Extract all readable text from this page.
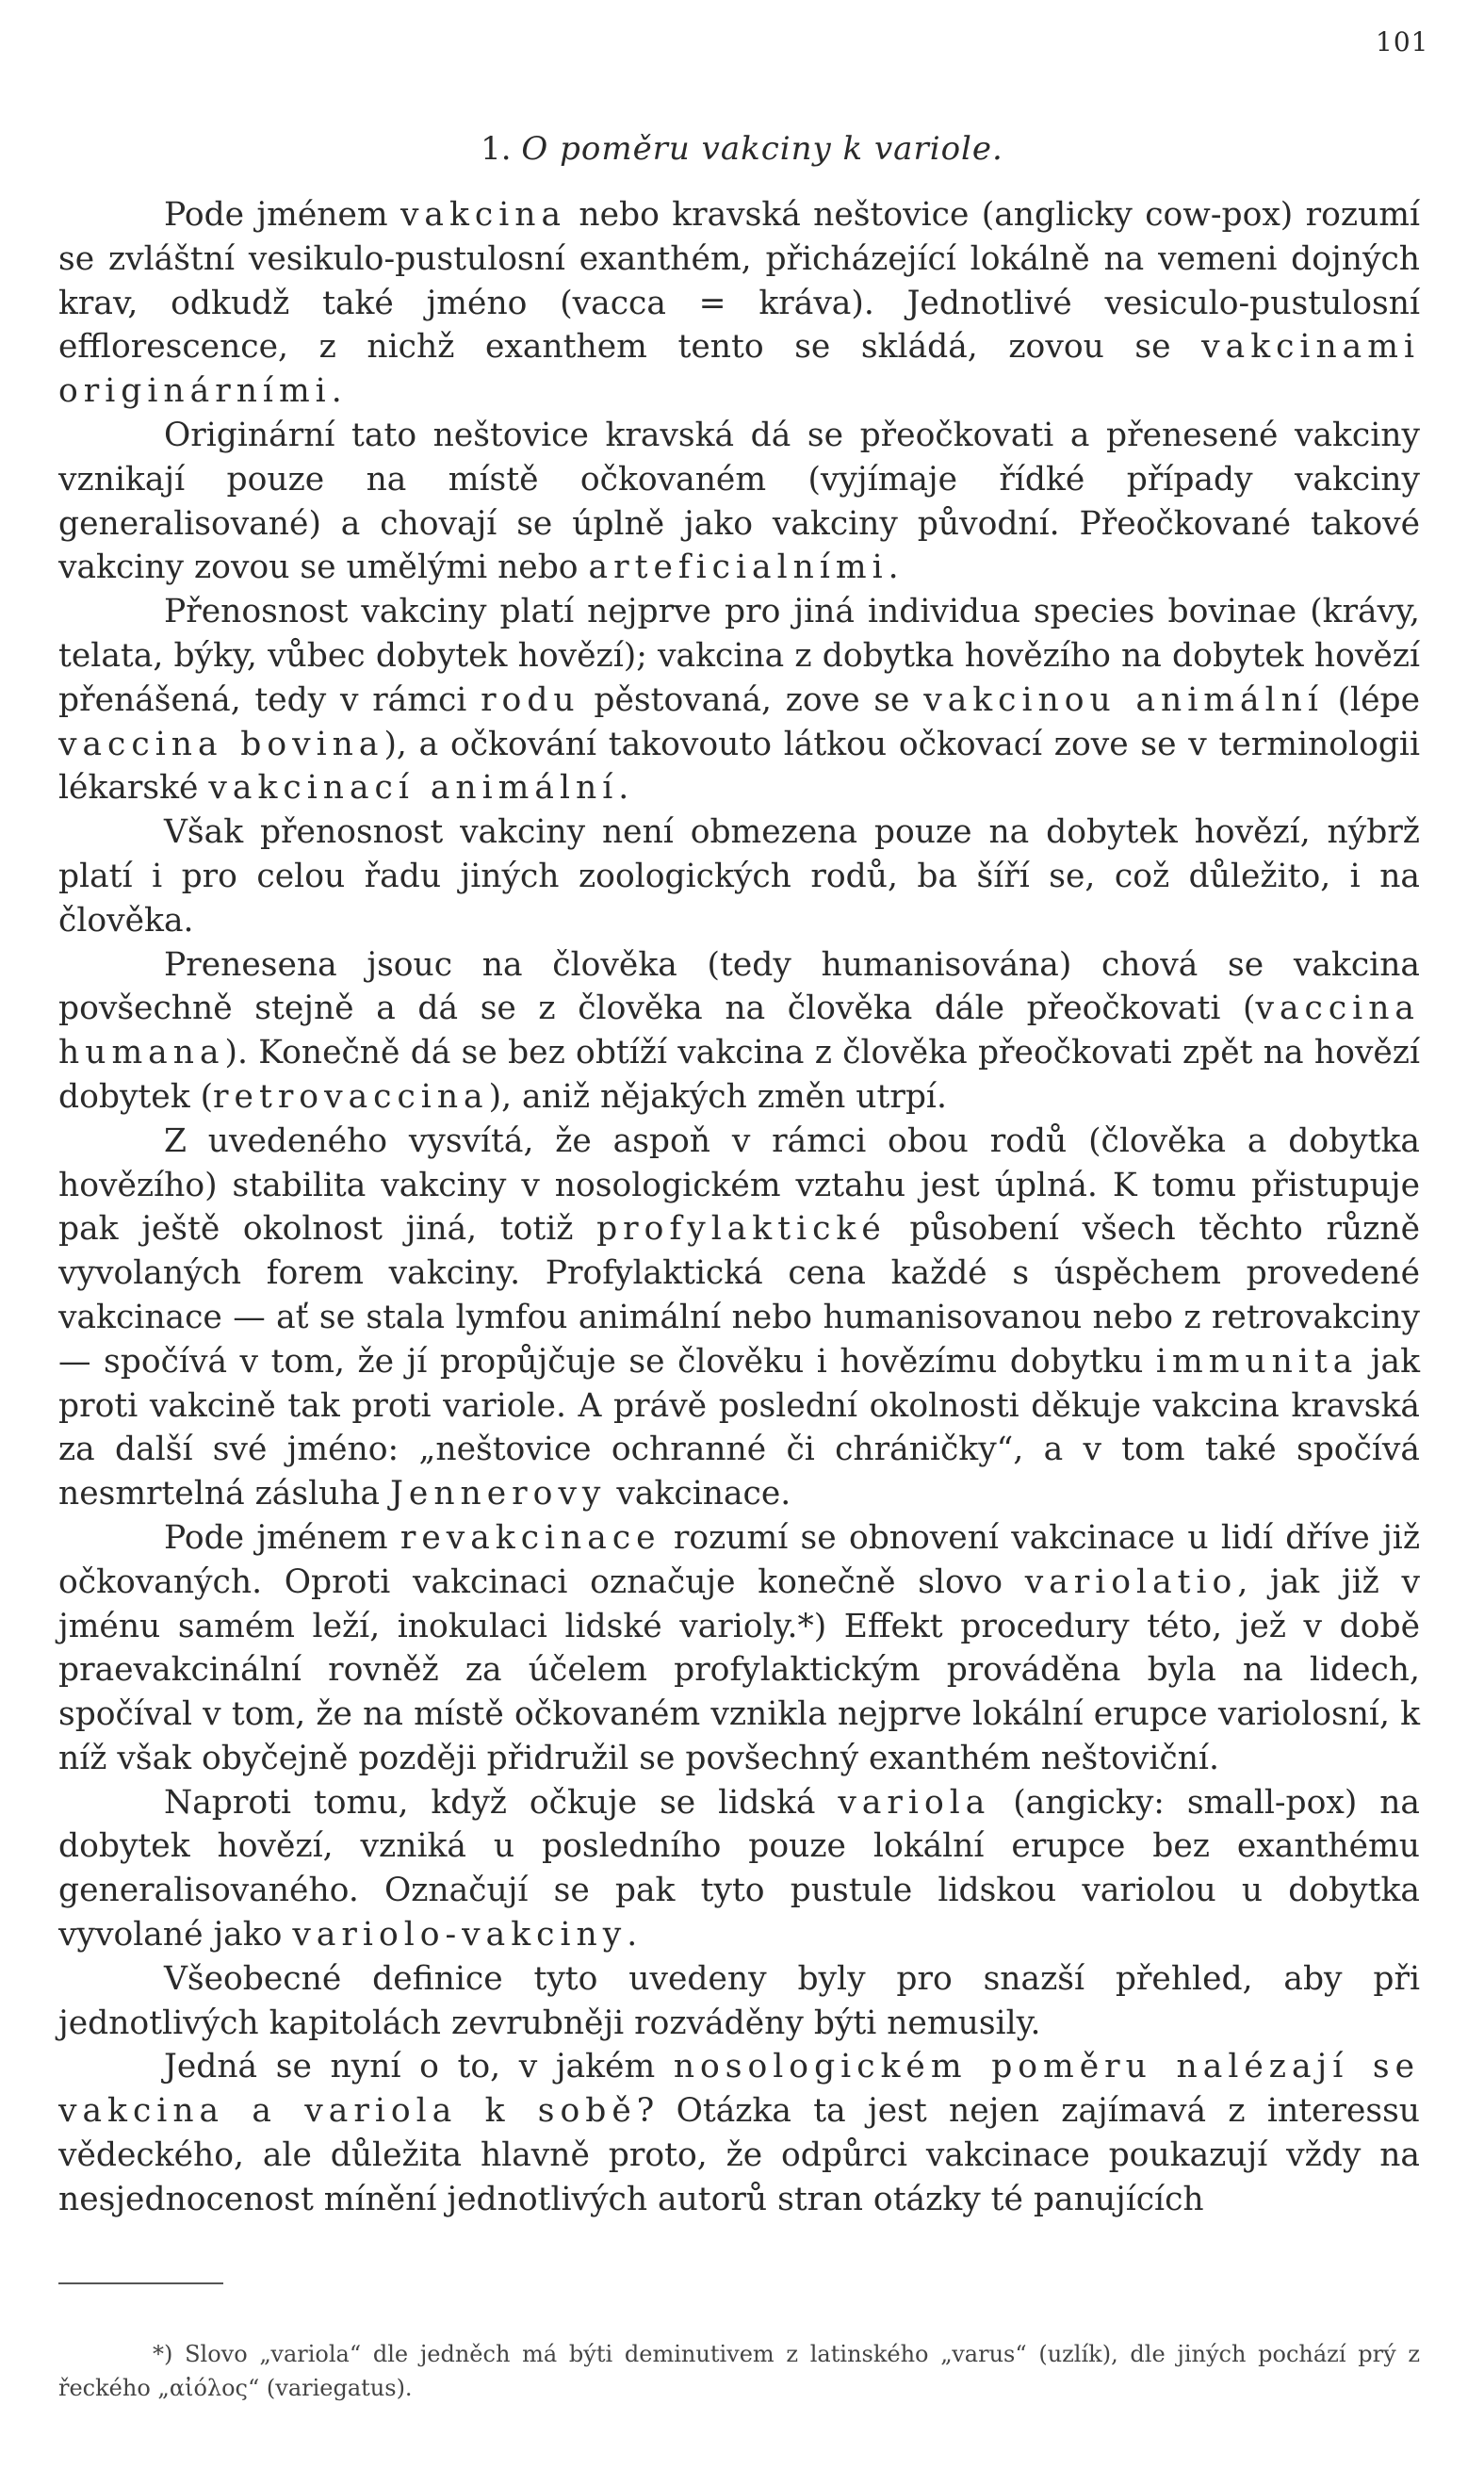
101
1. O poměru vakciny k variole.

Pode jménem vakcina nebo kravská neštovice (anglicky cow-pox) rozumí se zvláštní vesikulo-pustulosní exanthém, přicházející lokálně na vemeni dojných krav, odkudž také jméno (vacca = kráva). Jednotlivé vesiculo-pustulosní efflorescence, z nichž exanthem tento se skládá, zovou se vakcinami originárními.

Originární tato neštovice kravská dá se přeočkovati a přenesené vakciny vznikají pouze na místě očkovaném (vyjímaje řídké případy vakciny generalisované) a chovají se úplně jako vakciny původní. Přeočkované takové vakciny zovou se umělými nebo arteficialními.

Přenosnost vakciny platí nejprve pro jiná individua species bovinae (krávy, telata, býky, vůbec dobytek hovězí); vakcina z dobytka hovězího na dobytek hovězí přenášená, tedy v rámci rodu pěstovaná, zove se vakcinou animální (lépe vaccina bovina), a očkování takovouto látkou očkovací zove se v terminologii lékarské vakcinací animální.

Však přenosnost vakciny není obmezena pouze na dobytek hovězí, nýbrž platí i pro celou řadu jiných zoologických rodů, ba šíří se, což důležito, i na člověka.

Prenesena jsouc na člověka (tedy humanisována) chová se vakcina povšechně stejně a dá se z člověka na člověka dále přeočkovati (vaccina humana). Konečně dá se bez obtíží vakcina z člověka přeočkovati zpět na hovězí dobytek (retrovaccina), aniž nějakých změn utrpí.

Z uvedeného vysvítá, že aspoň v rámci obou rodů (člověka a dobytka hovězího) stabilita vakciny v nosologickém vztahu jest úplná. K tomu přistupuje pak ještě okolnost jiná, totiž profylaktické působení všech těchto různě vyvolaných forem vakciny. Profylaktická cena každé s úspěchem provedené vakcinace — ať se stala lymfou animální nebo humanisovanou nebo z retrovakciny — spočívá v tom, že jí propůjčuje se člověku i hovězímu dobytku immunita jak proti vakcině tak proti variole. A právě poslední okolnosti děkuje vakcina kravská za další své jméno: „neštovice ochranné či chráničky“, a v tom také spočívá nesmrtelná zásluha Jennerovy vakcinace.

Pode jménem revakcinace rozumí se obnovení vakcinace u lidí dříve již očkovaných. Oproti vakcinaci označuje konečně slovo variolatio, jak již v jménu samém leží, inokulaci lidské varioly.*) Effekt procedury této, jež v době praevakcinální rovněž za účelem profylaktickým prováděna byla na lidech, spočíval v tom, že na místě očkovaném vznikla nejprve lokální erupce variolosní, k níž však obyčejně později přidružil se povšechný exanthém neštoviční.

Naproti tomu, když očkuje se lidská variola (angicky: small-pox) na dobytek hovězí, vzniká u posledního pouze lokální erupce bez exanthému generalisovaného. Označují se pak tyto pustule lidskou variolou u dobytka vyvolané jako variolo-vakciny.

Všeobecné definice tyto uvedeny byly pro snazší přehled, aby při jednotlivých kapitolách zevrubněji rozváděny býti nemusily.

Jedná se nyní o to, v jakém nosologickém poměru nalézají se vakcina a variola k sobě? Otázka ta jest nejen zajímavá z interessu vědeckého, ale důležita hlavně proto, že odpůrci vakcinace poukazují vždy na nesjednocenost mínění jednotlivých autorů stran otázky té panujících

*) Slovo „variola“ dle jedněch má býti deminutivem z latinského „varus“ (uzlík), dle jiných pochází prý z řeckého „αἰόλος“ (variegatus).
